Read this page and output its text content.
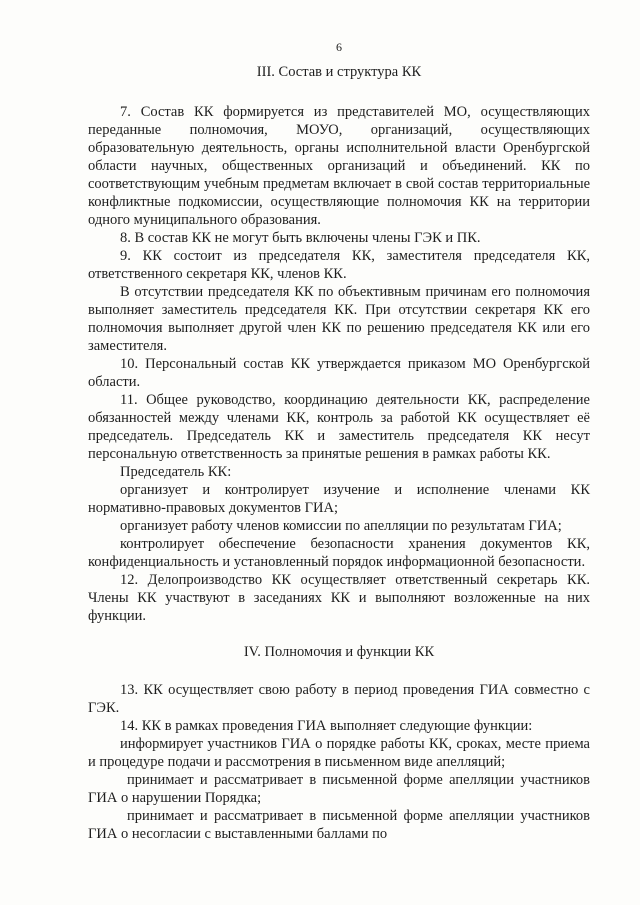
6
III. Состав и структура КК

7. Состав КК формируется из представителей МО, осуществляющих переданные полномочия, МОУО, организаций, осуществляющих образовательную деятельность, органы исполнительной власти Оренбургской области научных, общественных организаций и объединений. КК по соответствующим учебным предметам включает в свой состав территориальные конфликтные подкомиссии, осуществляющие полномочия КК на территории одного муниципального образования.

8. В состав КК не могут быть включены члены ГЭК и ПК.

9. КК состоит из председателя КК, заместителя председателя КК, ответственного секретаря КК, членов КК.

В отсутствии председателя КК по объективным причинам его полномочия выполняет заместитель председателя КК. При отсутствии секретаря КК его полномочия выполняет другой член КК по решению председателя КК или его заместителя.

10. Персональный состав КК утверждается приказом МО Оренбургской области.

11. Общее руководство, координацию деятельности КК, распределение обязанностей между членами КК, контроль за работой КК осуществляет её председатель. Председатель КК и заместитель председателя КК несут персональную ответственность за принятые решения в рамках работы КК.

Председатель КК:

организует и контролирует изучение и исполнение членами КК нормативно-правовых документов ГИА;

организует работу членов комиссии по апелляции по результатам ГИА;

контролирует обеспечение безопасности хранения документов КК, конфиденциальность и установленный порядок информационной безопасности.

12. Делопроизводство КК осуществляет ответственный секретарь КК. Члены КК участвуют в заседаниях КК и выполняют возложенные на них функции.

IV. Полномочия и функции КК

13. КК осуществляет свою работу в период проведения ГИА совместно с ГЭК.

14. КК в рамках проведения ГИА выполняет следующие функции:

информирует участников ГИА о порядке работы КК, сроках, месте приема и процедуре подачи и рассмотрения в письменном виде апелляций;

принимает и рассматривает в письменной форме апелляции участников ГИА о нарушении Порядка;

принимает и рассматривает в письменной форме апелляции участников ГИА о несогласии с выставленными баллами по
